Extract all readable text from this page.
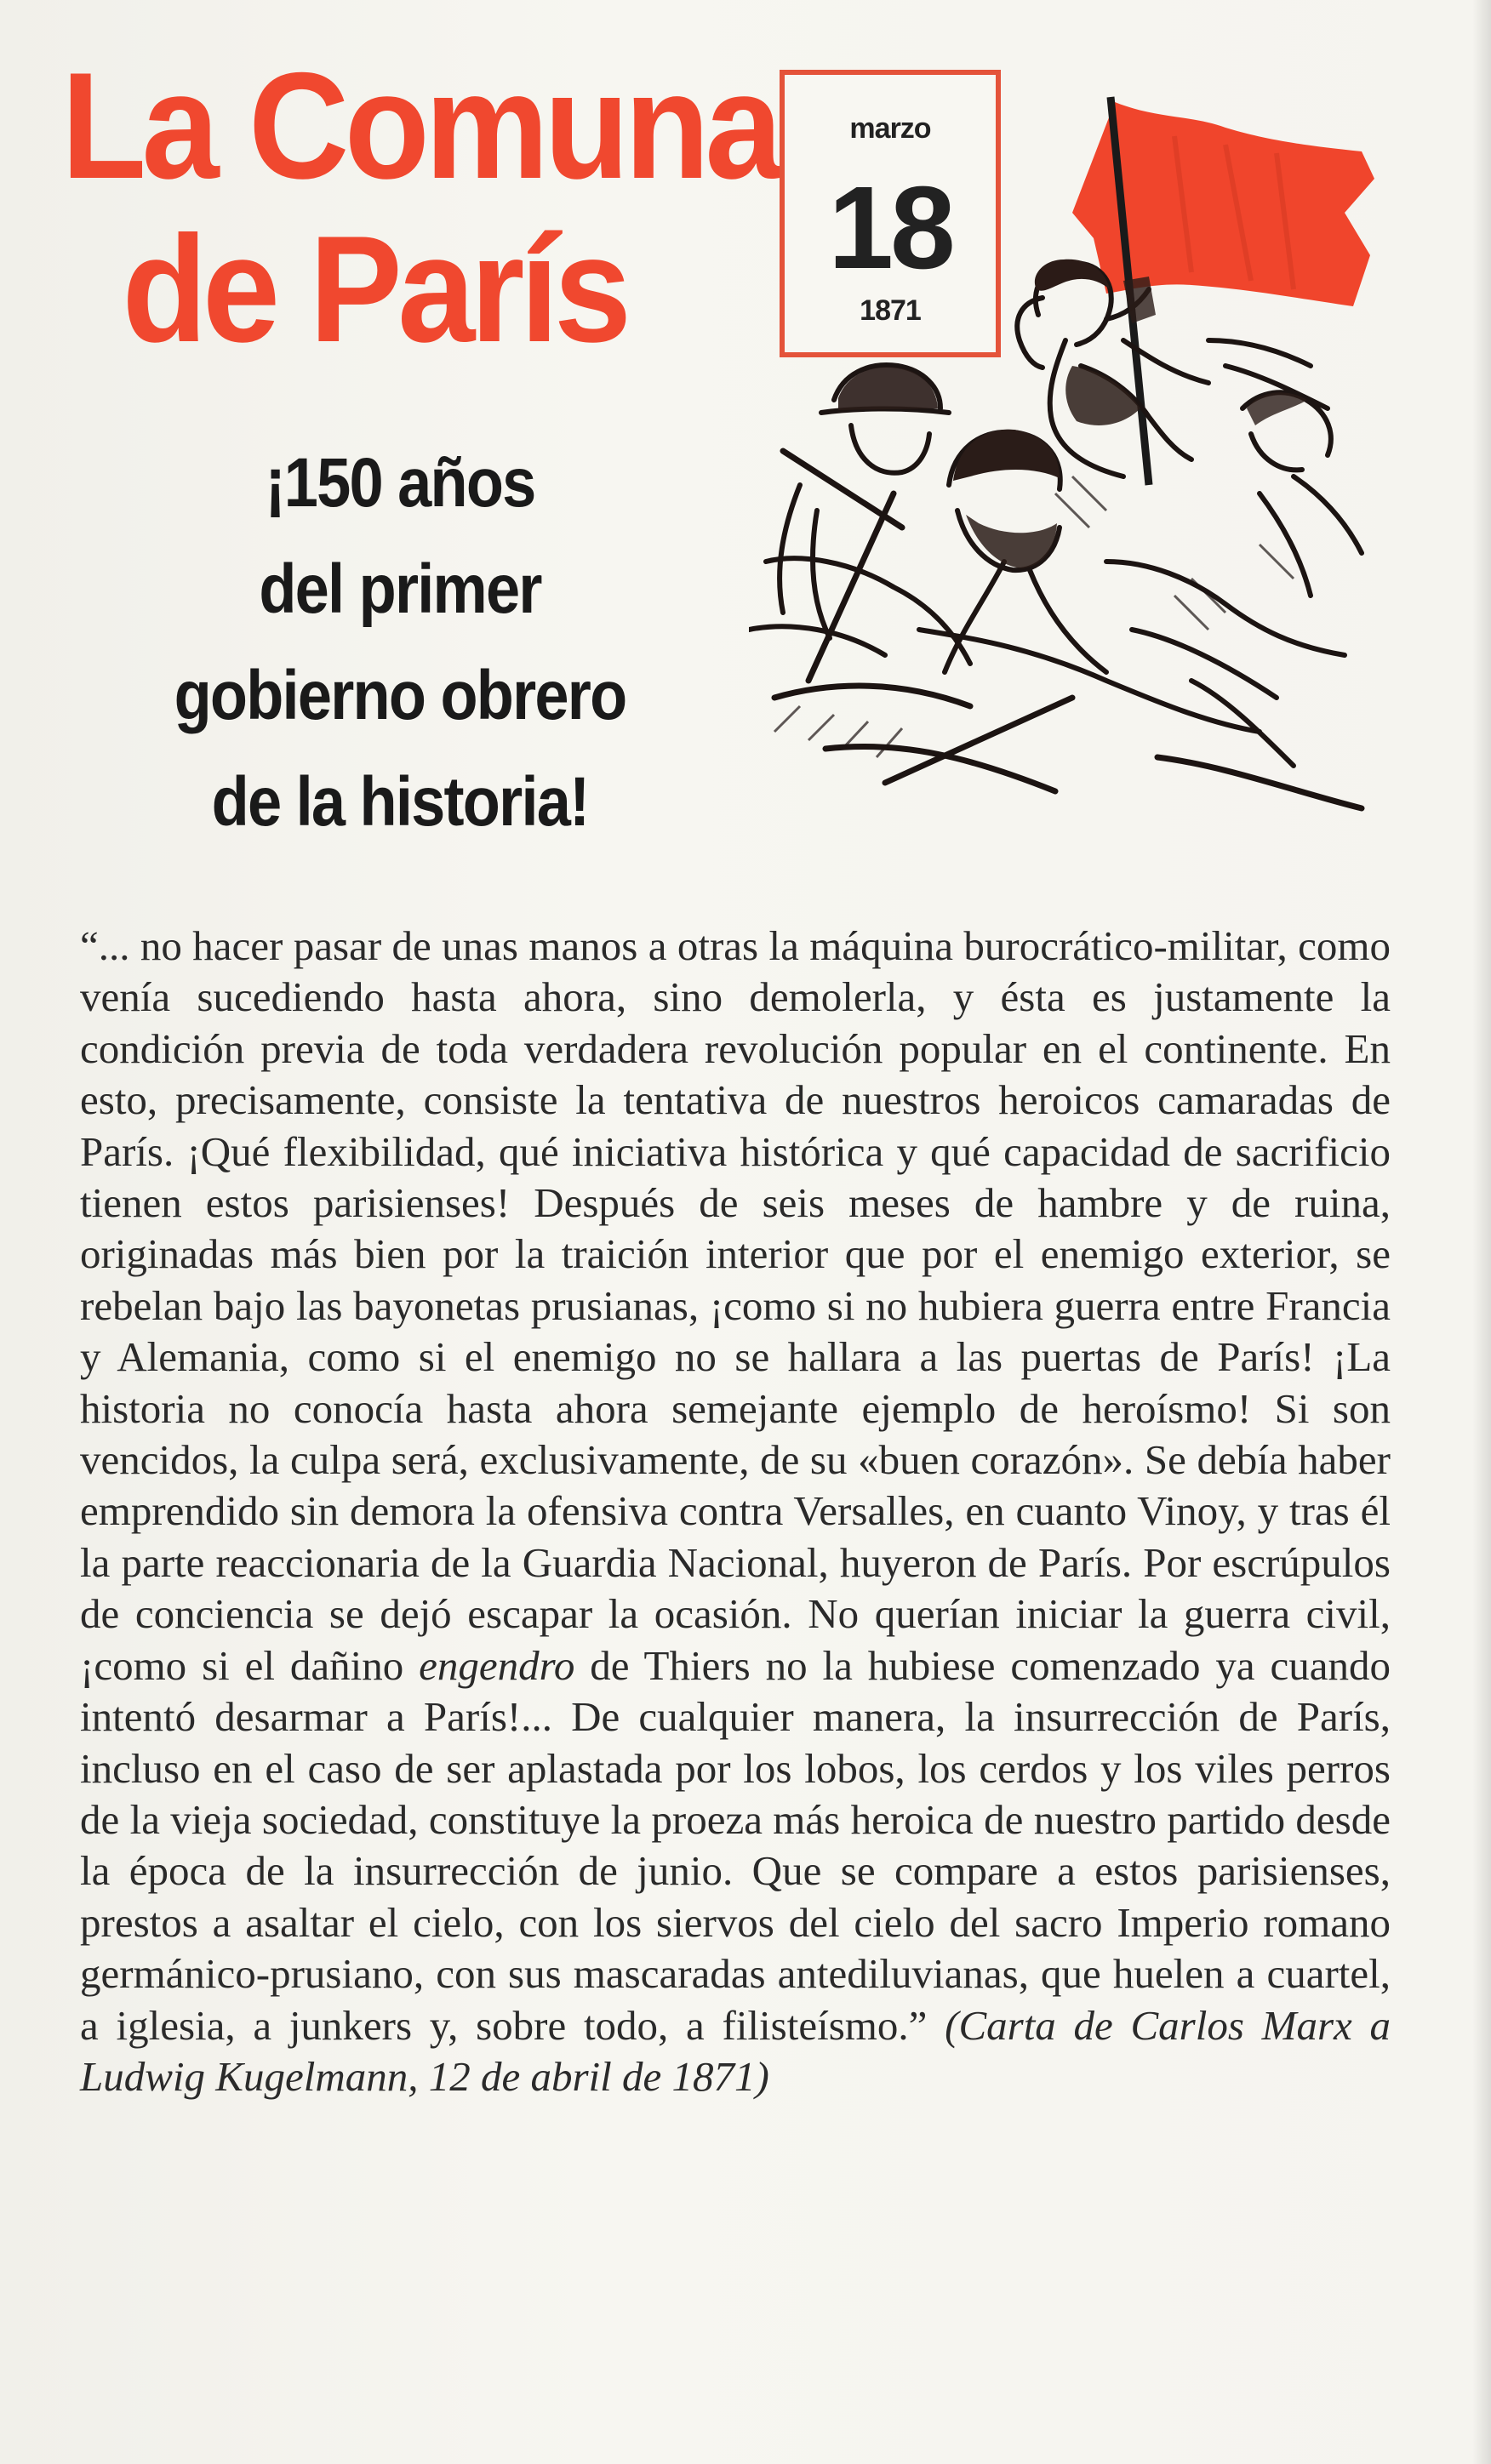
La Comuna
de París
¡150 años
del primer
gobierno obrero
de la historia!
marzo
18
1871

“... no hacer pasar de unas manos a otras la máquina burocrático-militar, como venía sucediendo hasta ahora, sino demolerla, y ésta es justamente la condición previa de toda verdadera revolución popular en el continente. En esto, precisamente, consiste la tentativa de nuestros heroicos camaradas de París. ¡Qué flexibilidad, qué iniciativa histórica y qué capacidad de sacrificio tienen estos parisienses! Después de seis meses de hambre y de ruina, originadas más bien por la traición interior que por el enemigo exterior, se rebelan bajo las bayonetas prusianas, ¡como si no hubiera guerra entre Francia y Alemania, como si el enemigo no se hallara a las puertas de París! ¡La historia no conocía hasta ahora semejante ejemplo de heroísmo! Si son vencidos, la culpa será, exclusivamente, de su «buen corazón». Se debía haber emprendido sin demora la ofensiva contra Versalles, en cuanto Vinoy, y tras él la parte reaccionaria de la Guardia Nacional, huyeron de París. Por escrúpulos de conciencia se dejó escapar la ocasión. No querían iniciar la guerra civil, ¡como si el dañino engendro de Thiers no la hubiese comenzado ya cuando intentó desarmar a París!... De cualquier manera, la insurrección de París, incluso en el caso de ser aplastada por los lobos, los cerdos y los viles perros de la vieja sociedad, constituye la proeza más heroica de nuestro partido desde la época de la insurrección de junio. Que se compare a estos parisienses, prestos a asaltar el cielo, con los siervos del cielo del sacro Imperio romano germánico-prusiano, con sus mascaradas antediluvianas, que huelen a cuartel, a iglesia, a junkers y, sobre todo, a filisteísmo.” (Carta de Carlos Marx a Ludwig Kugelmann, 12 de abril de 1871)
